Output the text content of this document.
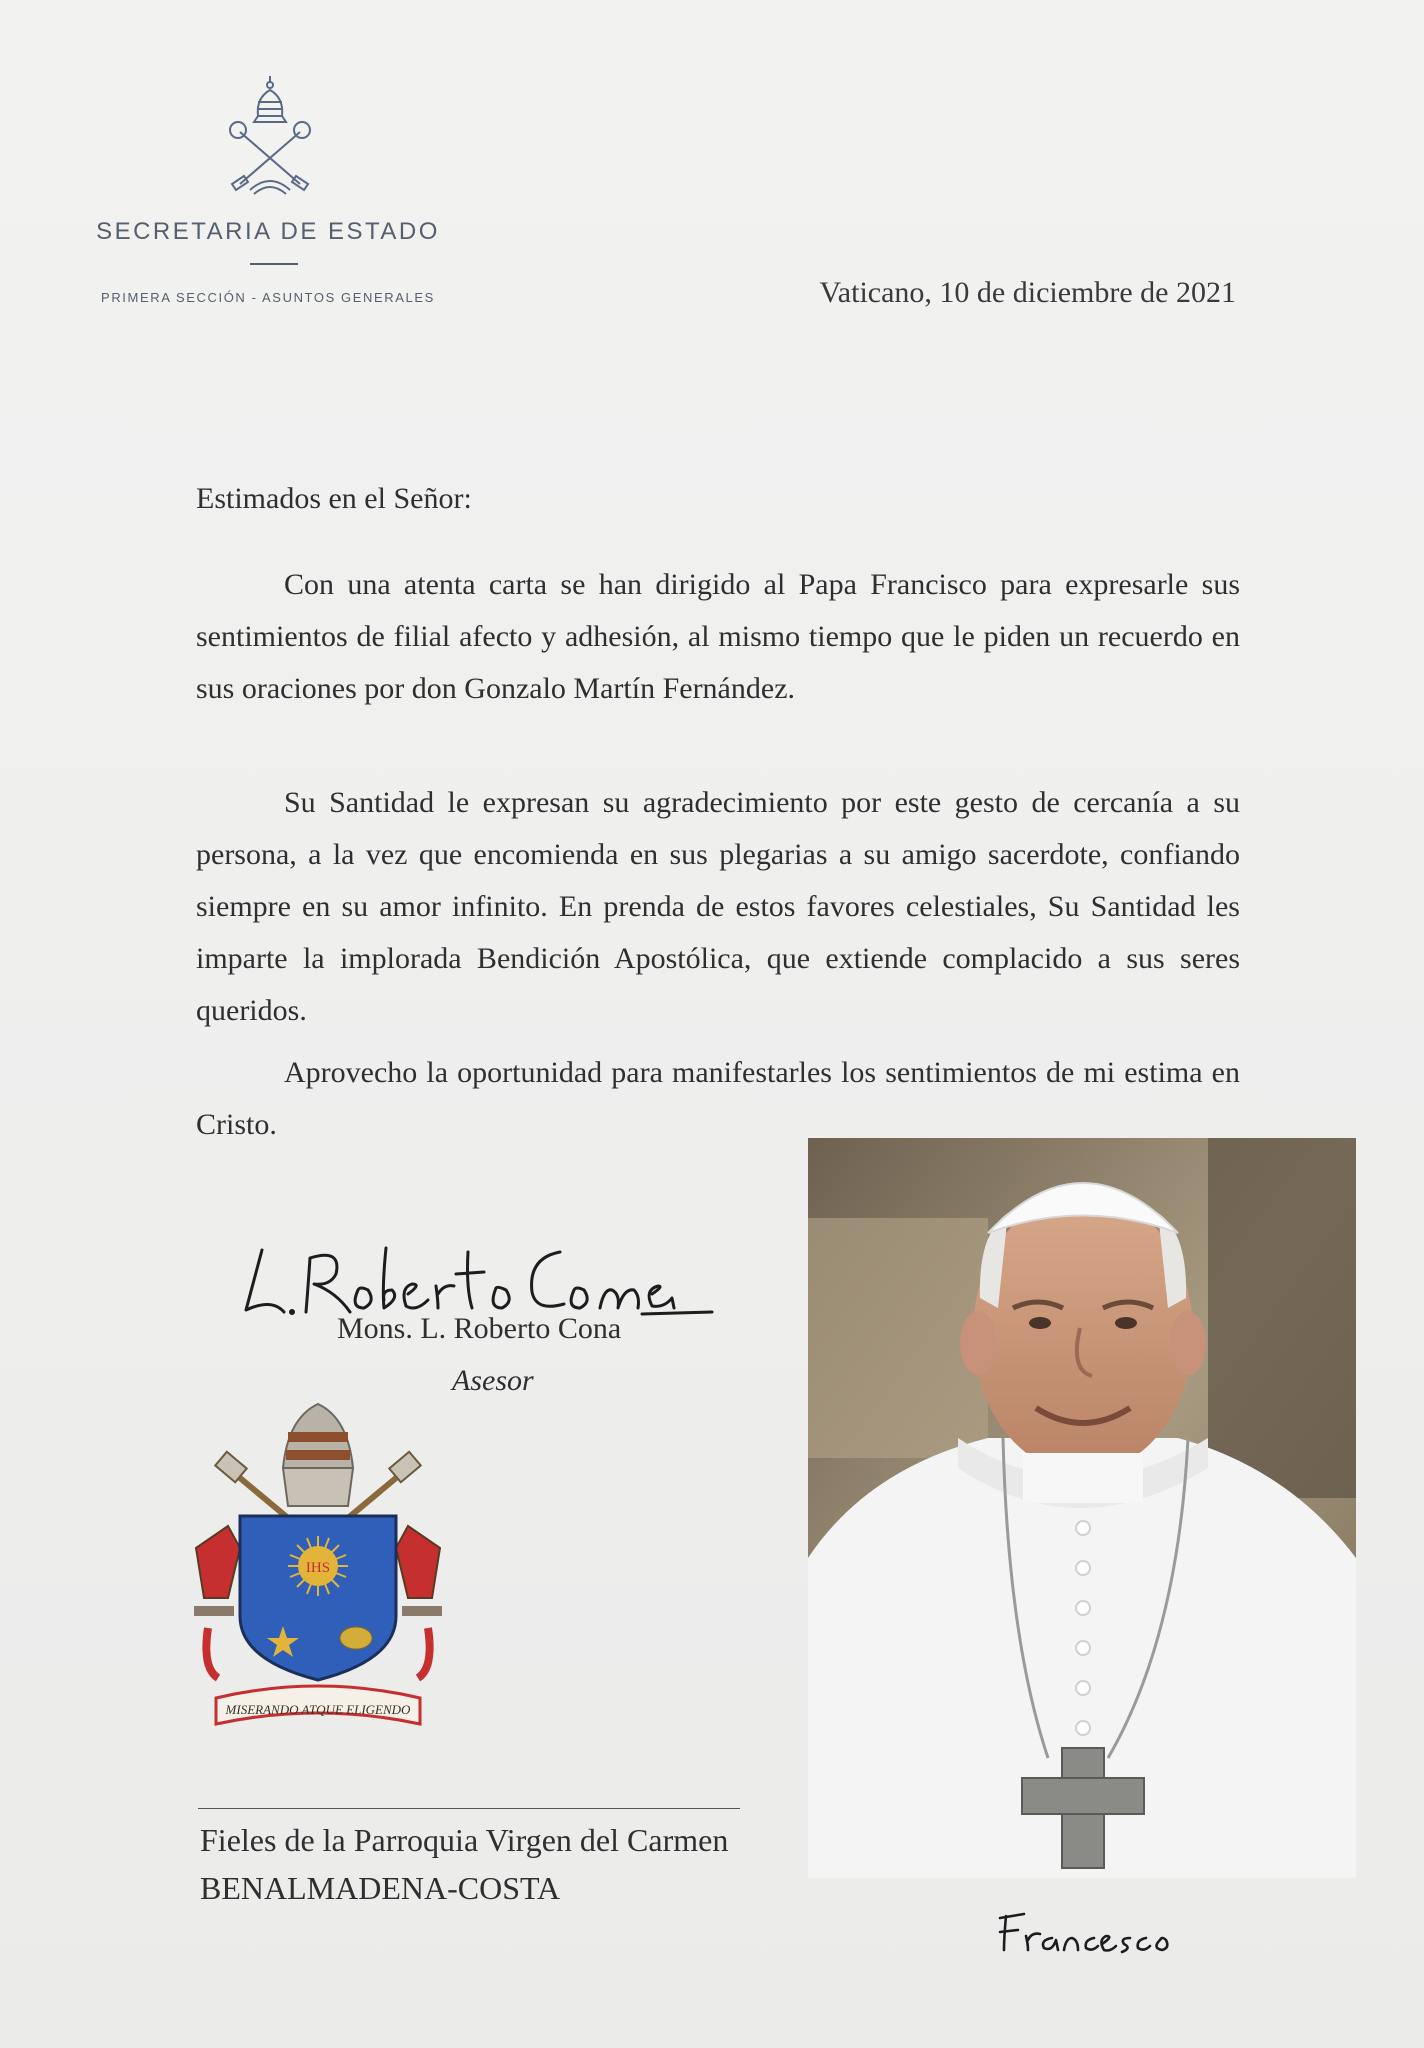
SECRETARIA DE ESTADO
PRIMERA SECCIÓN - ASUNTOS GENERALES	Vaticano, 10 de diciembre de 2021
Estimados en el Señor:

Con una atenta carta se han dirigido al Papa Francisco para expresarle sus sentimientos de filial afecto y adhesión, al mismo tiempo que le piden un recuerdo en sus oraciones por don Gonzalo Martín Fernández.

Su Santidad le expresan su agradecimiento por este gesto de cercanía a su persona, a la vez que encomienda en sus plegarias a su amigo sacerdote, confiando siempre en su amor infinito. En prenda de estos favores celestiales, Su Santidad les imparte la implorada Bendición Apostólica, que extiende complacido a sus seres queridos.

Aprovecho la oportunidad para manifestarles los sentimientos de mi estima en Cristo.

Mons. L. Roberto Cona
Asesor
IHS
MISERANDO ATQUE ELIGENDO
Fieles de la Parroquia Virgen del Carmen
BENALMADENA-COSTA
